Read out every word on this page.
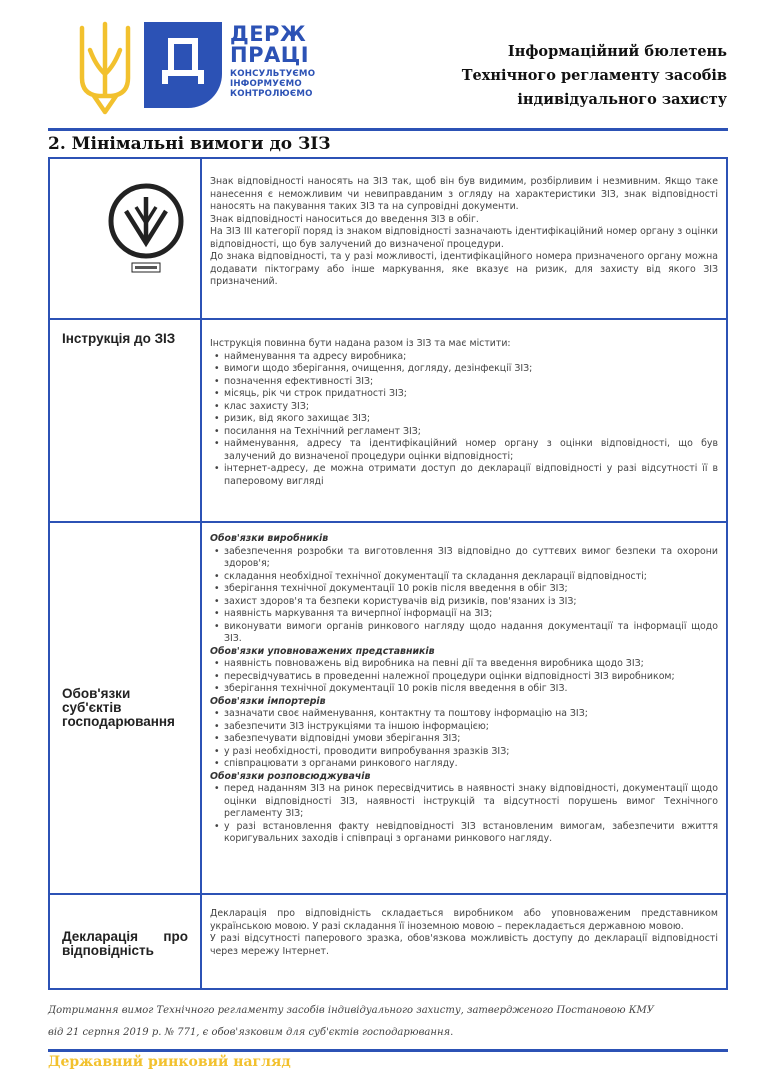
ДЕРЖ
ПРАЦІ
КОНСУЛЬТУЄМО
ІНФОРМУЄМО
КОНТРОЛЮЄМО
Інформаційний бюлетень
Технічного регламенту засобів
індивідуального захисту
2. Мінімальні вимоги до ЗІЗ

Знак відповідності наносять на ЗІЗ так, щоб він був видимим, розбірливим і незмивним. Якщо таке нанесення є неможливим чи невиправданим з огляду на характеристики ЗІЗ, знак відповідності наносять на пакування таких ЗІЗ та на супровідні документи.

Знак відповідності наноситься до введення ЗІЗ в обіг.

На ЗІЗ ІІІ категорії поряд із знаком відповідності зазначають ідентифікаційний номер органу з оцінки відповідності, що був залучений до визначеної процедури.

До знака відповідності, та у разі можливості, ідентифікаційного номера призначеного органу можна додавати піктограму або інше маркування, яке вказує на ризик, для захисту від якого ЗІЗ призначений.

Інструкція до ЗІЗ	Інструкція повинна бути надана разом із ЗІЗ та має містити:

• найменування та адресу виробника;
• вимоги щодо зберігання, очищення, догляду, дезінфекції ЗІЗ;
• позначення ефективності ЗІЗ;
• місяць, рік чи строк придатності ЗІЗ;
• клас захисту ЗІЗ;
• ризик, від якого захищає ЗІЗ;
• посилання на Технічний регламент ЗІЗ;
• найменування, адресу та ідентифікаційний номер органу з оцінки відповідності, що був залучений до визначеної процедури оцінки відповідності;
• інтернет-адресу, де можна отримати доступ до декларації відповідності у разі відсутності її в паперовому вигляді
Обов'язки
суб'єктів
господарювання

Обов'язки виробників

• забезпечення розробки та виготовлення ЗІЗ відповідно до суттєвих вимог безпеки та охорони здоров'я;
• складання необхідної технічної документації та складання декларації відповідності;
• зберігання технічної документації 10 років після введення в обіг ЗІЗ;
• захист здоров'я та безпеки користувачів від ризиків, пов'язаних із ЗІЗ;
• наявність маркування та вичерпної інформації на ЗІЗ;
• виконувати вимоги органів ринкового нагляду щодо надання документації та інформації щодо ЗІЗ.

Обов'язки уповноважених представників

• наявність повноважень від виробника на певні дії та введення виробника щодо ЗІЗ;
• пересвідчуватись в проведенні належної процедури оцінки відповідності ЗІЗ виробником;
• зберігання технічної документації 10 років після введення в обіг ЗІЗ.

Обов'язки імпортерів

• зазначати своє найменування, контактну та поштову інформацію на ЗІЗ;
• забезпечити ЗІЗ інструкціями та іншою інформацією;
• забезпечувати відповідні умови зберігання ЗІЗ;
• у разі необхідності, проводити випробування зразків ЗІЗ;
• співпрацювати з органами ринкового нагляду.

Обов'язки розповсюджувачів

• перед наданням ЗІЗ на ринок пересвідчитись в наявності знаку відповідності, документації щодо оцінки відповідності ЗІЗ, наявності інструкцій та відсутності порушень вимог Технічного регламенту ЗІЗ;
• у разі встановлення факту невідповідності ЗІЗ встановленим вимогам, забезпечити вжиття коригувальних заходів і співпраці з органами ринкового нагляду.
Декларація про
відповідність

Декларація про відповідність складається виробником або уповноваженим представником українською мовою. У разі складання її іноземною мовою – перекладається державною мовою.

У разі відсутності паперового зразка, обов'язкова можливість доступу до декларації відповідності через мережу Інтернет.

Дотримання вимог Технічного регламенту засобів індивідуального захисту, затвердженого Постановою КМУ
від 21 серпня 2019 р. № 771, є обов'язковим для суб'єктів господарювання.
Державний ринковий нагляд
